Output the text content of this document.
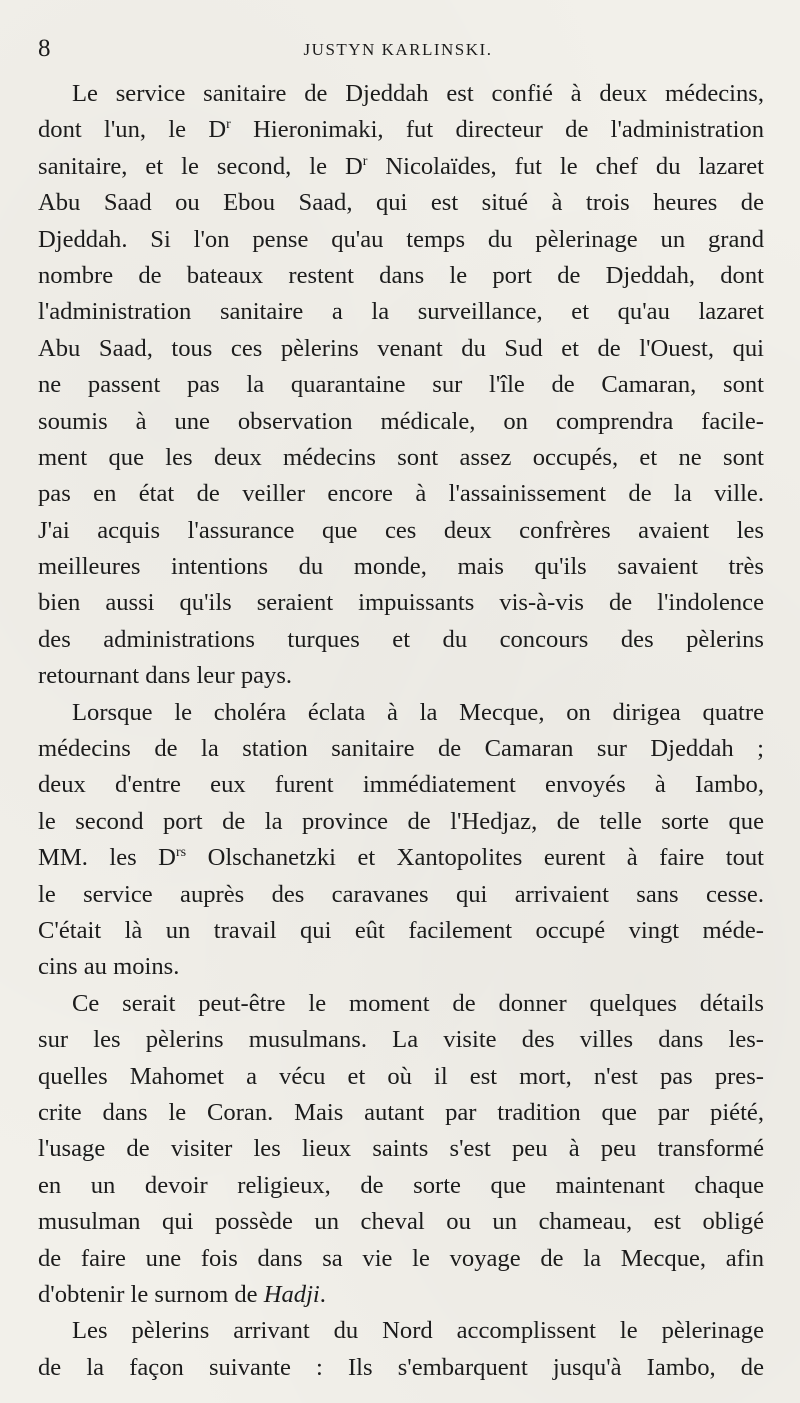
8	JUSTYN KARLINSKI.
Le service sanitaire de Djeddah est confié à deux médecins,
dont l'un, le $D^r$ Hieronimaki, fut directeur de l'administration
sanitaire, et le second, le $D^r$ Nicolaïdes, fut le chef du lazaret
Abu Saad ou Ebou Saad, qui est situé à trois heures de
Djeddah. Si l'on pense qu'au temps du pèlerinage un grand
nombre de bateaux restent dans le port de Djeddah, dont
l'administration sanitaire a la surveillance, et qu'au lazaret
Abu Saad, tous ces pèlerins venant du Sud et de l'Ouest, qui
ne passent pas la quarantaine sur l'île de Camaran, sont
soumis à une observation médicale, on comprendra facile-
ment que les deux médecins sont assez occupés, et ne sont
pas en état de veiller encore à l'assainissement de la ville.
J'ai acquis l'assurance que ces deux confrères avaient les
meilleures intentions du monde, mais qu'ils savaient très
bien aussi qu'ils seraient impuissants vis-à-vis de l'indolence
des administrations turques et du concours des pèlerins
retournant dans leur pays.
Lorsque le choléra éclata à la Mecque, on dirigea quatre
médecins de la station sanitaire de Camaran sur Djeddah ;
deux d'entre eux furent immédiatement envoyés à Iambo,
le second port de la province de l'Hedjaz, de telle sorte que
MM. les $D^{rs}$ Olschanetzki et Xantopolites eurent à faire tout
le service auprès des caravanes qui arrivaient sans cesse.
C'était là un travail qui eût facilement occupé vingt méde-
cins au moins.
Ce serait peut-être le moment de donner quelques détails
sur les pèlerins musulmans. La visite des villes dans les-
quelles Mahomet a vécu et où il est mort, n'est pas pres-
crite dans le Coran. Mais autant par tradition que par piété,
l'usage de visiter les lieux saints s'est peu à peu transformé
en un devoir religieux, de sorte que maintenant chaque
musulman qui possède un cheval ou un chameau, est obligé
de faire une fois dans sa vie le voyage de la Mecque, afin
d'obtenir le surnom de Hadji.
Les pèlerins arrivant du Nord accomplissent le pèlerinage
de la façon suivante : Ils s'embarquent jusqu'à Iambo, de
